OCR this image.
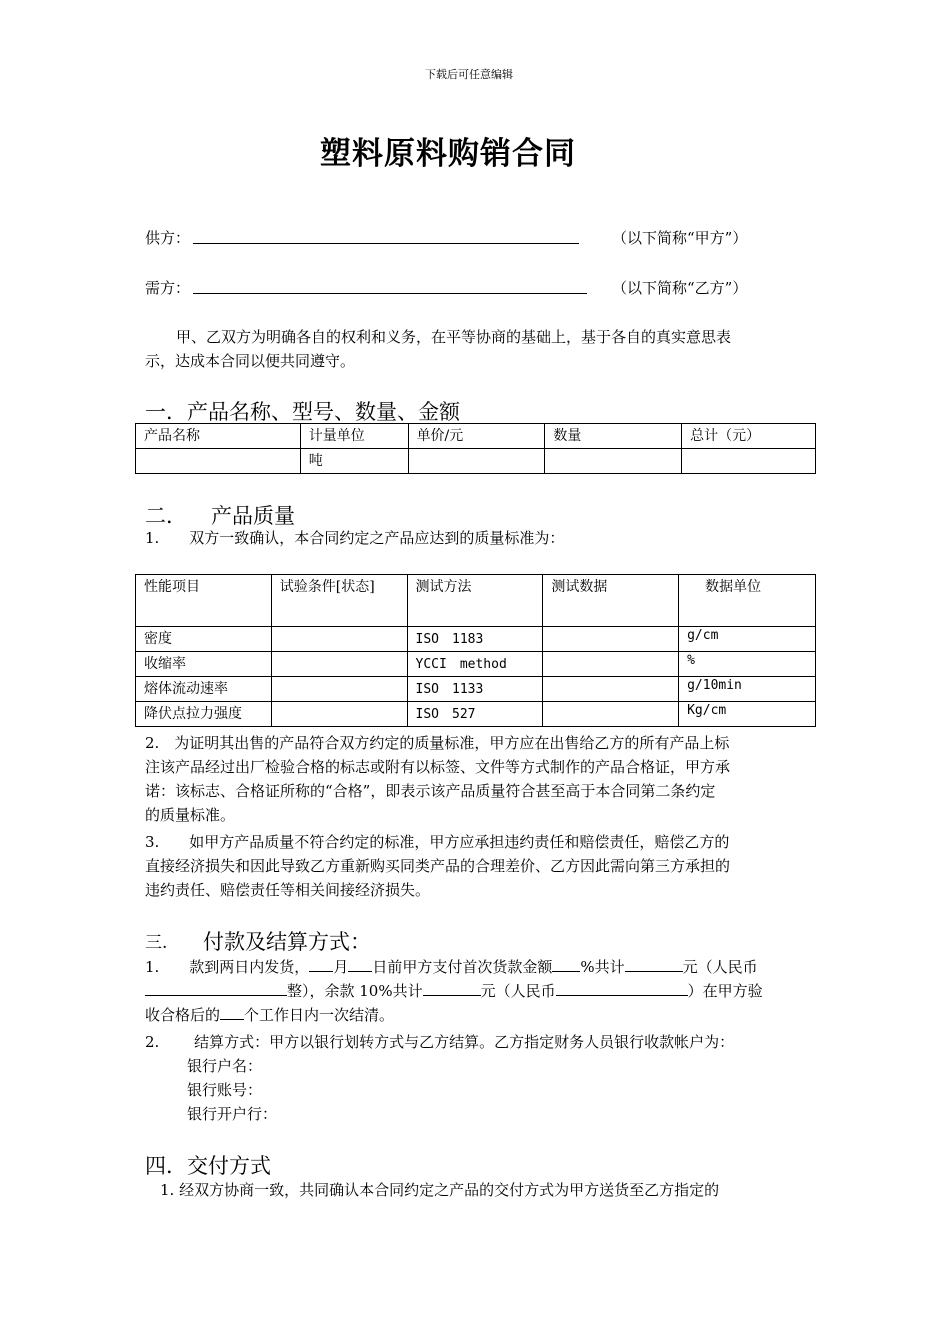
下载后可任意编辑
塑料原料购销合同
供方：	（以下简称“甲方”）
需方：	（以下简称“乙方”）
甲、乙双方为明确各自的权利和义务，在平等协商的基础上，基于各自的真实意思表
示，达成本合同以便共同遵守。
一．产品名称、型号、数量、金额
产品名称	计量单位	单价/元	数量	总计（元）
	吨			
二． 产品质量
1.　　双方一致确认，本合同约定之产品应达到的质量标准为：
性能项目	试验条件[状态]	测试方法	测试数据	数据单位
密度		ISO　1183		g/cm
收缩率		YCCI　method		%
熔体流动速率		ISO　1133		g/10min
降伏点拉力强度		ISO　527		Kg/cm
2.　为证明其出售的产品符合双方约定的质量标准，甲方应在出售给乙方的所有产品上标
注该产品经过出厂检验合格的标志或附有以标签、文件等方式制作的产品合格证，甲方承
诺：该标志、合格证所称的“合格”，即表示该产品质量符合甚至高于本合同第二条约定
的质量标准。
3.　　如甲方产品质量不符合约定的标准，甲方应承担违约责任和赔偿责任，赔偿乙方的
直接经济损失和因此导致乙方重新购买同类产品的合理差价、乙方因此需向第三方承担的
违约责任、赔偿责任等相关间接经济损失。
三. 付款及结算方式：
1.　　款到两日内发货， 月 日前甲方支付首次货款金额 %共计	元（人民币
整），余款 10%共计	元（人民币	）在甲方验
收合格后的 个工作日内一次结清。
2.　　 结算方式：甲方以银行划转方式与乙方结算。乙方指定财务人员银行收款帐户为：
银行户名：
银行账号：
银行开户行：
四．交付方式
1. 经双方协商一致，共同确认本合同约定之产品的交付方式为甲方送货至乙方指定的
